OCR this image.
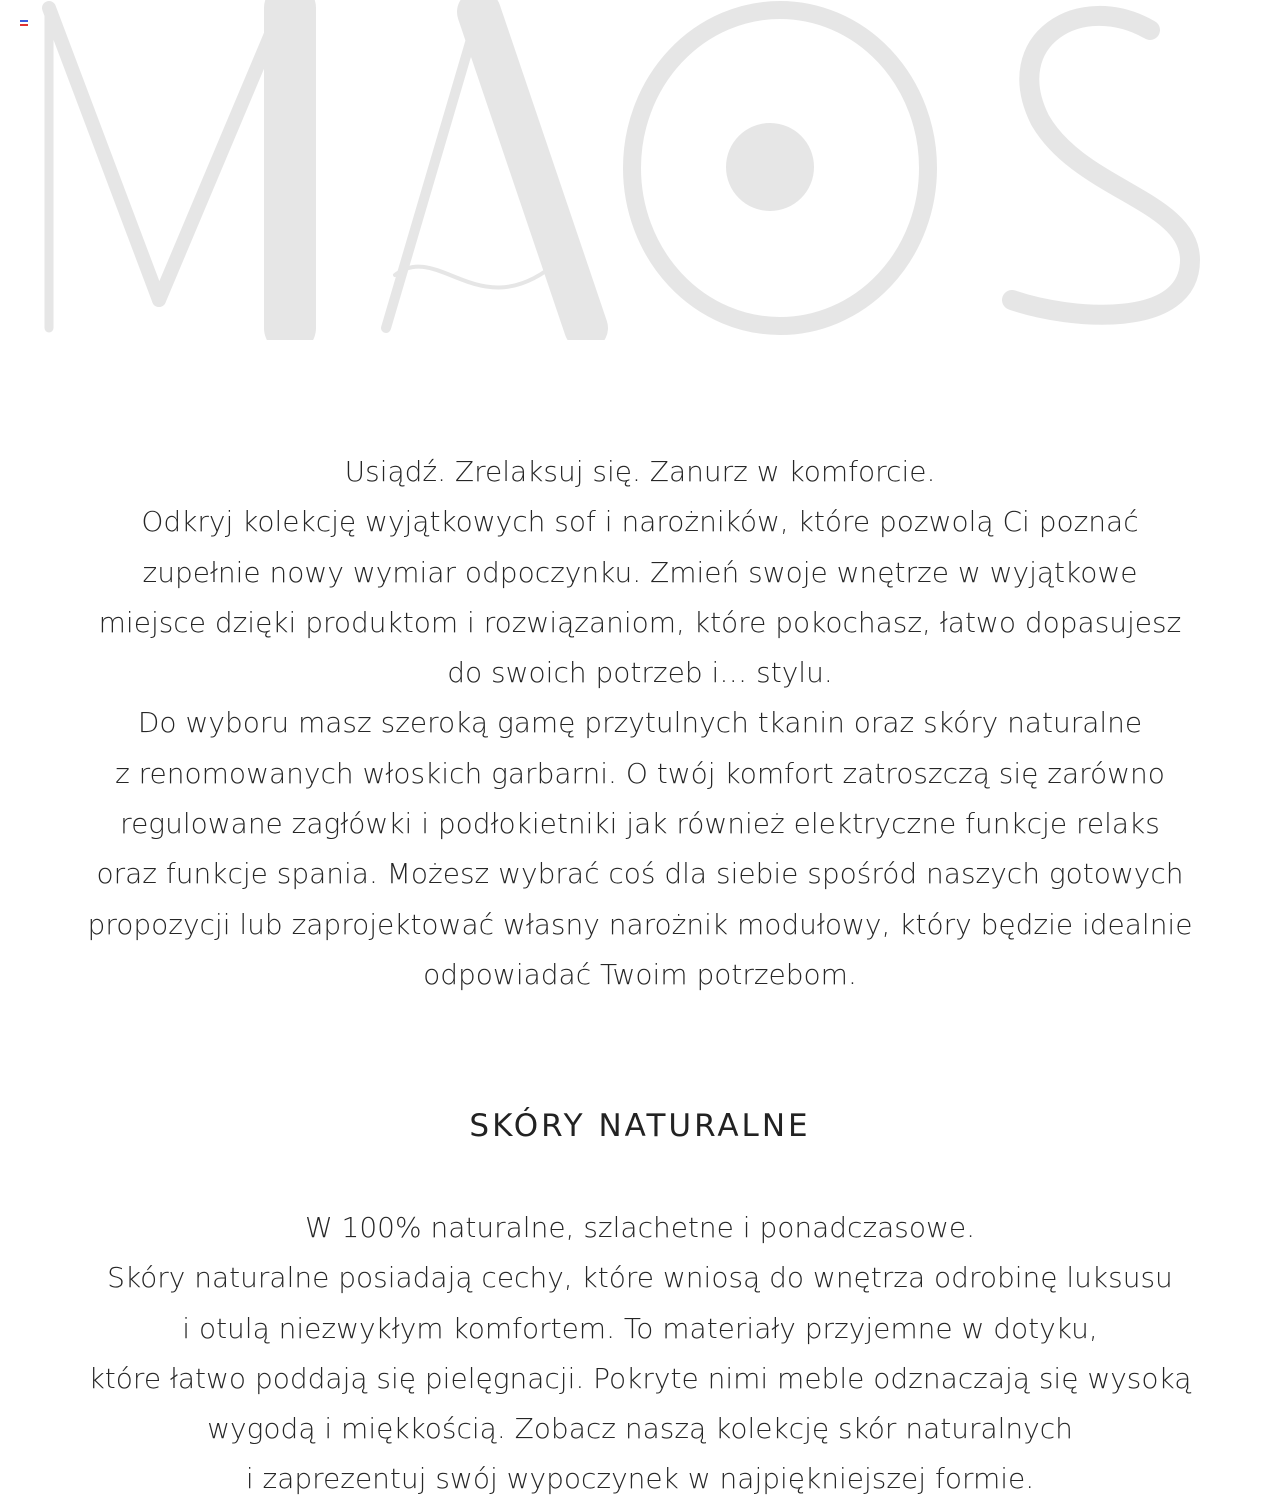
Usiądź. Zrelaksuj się. Zanurz w komforcie.
Odkryj kolekcję wyjątkowych sof i narożników, które pozwolą Ci poznać
zupełnie nowy wymiar odpoczynku. Zmień swoje wnętrze w wyjątkowe
miejsce dzięki produktom i rozwiązaniom, które pokochasz, łatwo dopasujesz
do swoich potrzeb i… stylu.
Do wyboru masz szeroką gamę przytulnych tkanin oraz skóry naturalne
z renomowanych włoskich garbarni. O twój komfort zatroszczą się zarówno
regulowane zagłówki i podłokietniki jak również elektryczne funkcje relaks
oraz funkcje spania. Możesz wybrać coś dla siebie spośród naszych gotowych
propozycji lub zaprojektować własny narożnik modułowy, który będzie idealnie
odpowiadać Twoim potrzebom.
SKÓRY NATURALNE
W 100% naturalne, szlachetne i ponadczasowe.
Skóry naturalne posiadają cechy, które wniosą do wnętrza odrobinę luksusu
i otulą niezwykłym komfortem. To materiały przyjemne w dotyku,
które łatwo poddają się pielęgnacji. Pokryte nimi meble odznaczają się wysoką
wygodą i miękkością. Zobacz naszą kolekcję skór naturalnych
i zaprezentuj swój wypoczynek w najpiękniejszej formie.
